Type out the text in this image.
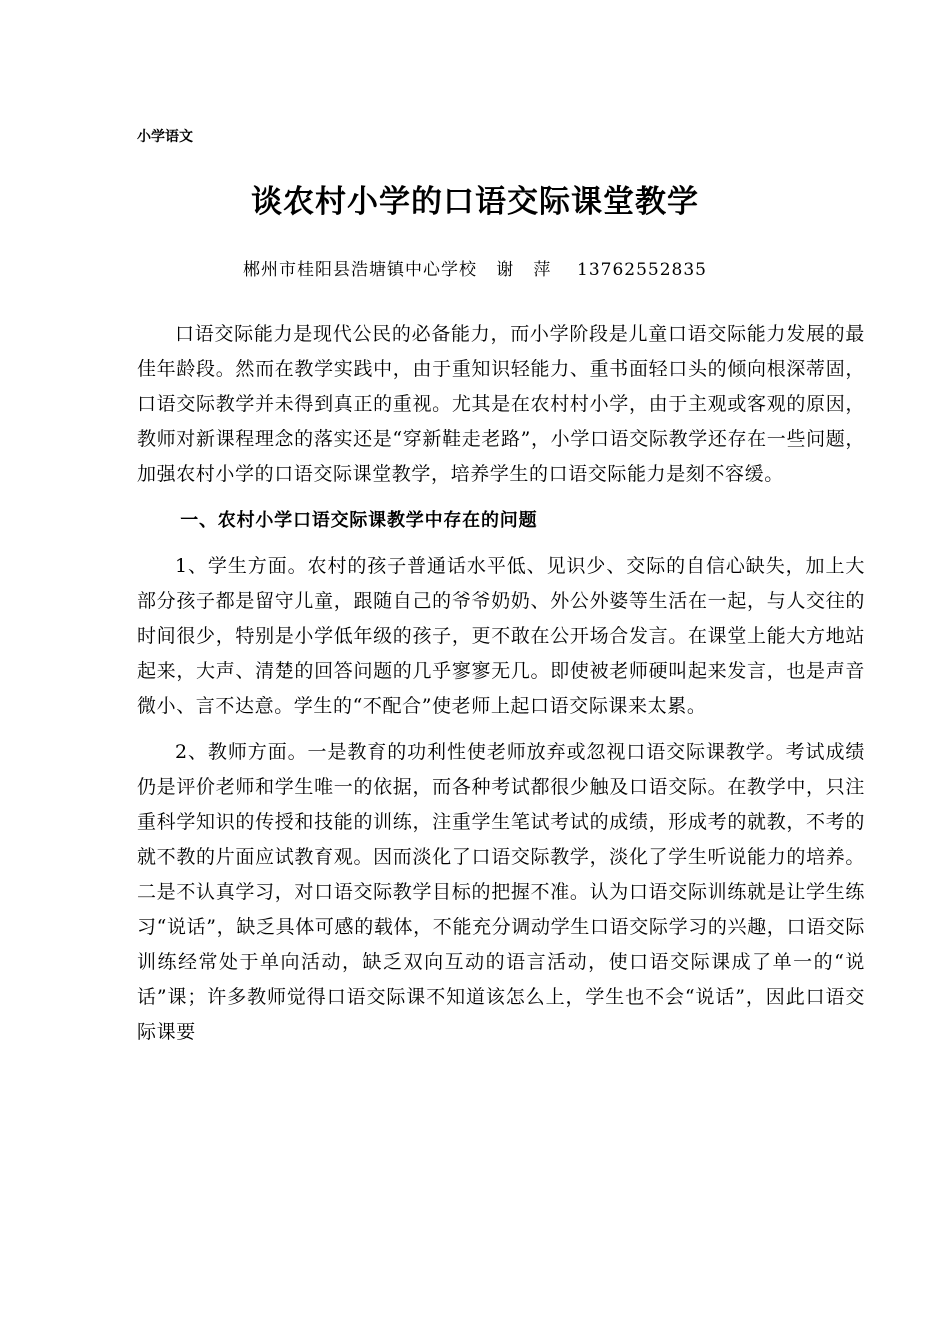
小学语文
谈农村小学的口语交际课堂教学
郴州市桂阳县浩塘镇中心学校   谢   萍    13762552835

口语交际能力是现代公民的必备能力，而小学阶段是儿童口语交际能力发展的最佳年龄段。然而在教学实践中，由于重知识轻能力、重书面轻口头的倾向根深蒂固，口语交际教学并未得到真正的重视。尤其是在农村村小学，由于主观或客观的原因，教师对新课程理念的落实还是“穿新鞋走老路”，小学口语交际教学还存在一些问题，加强农村小学的口语交际课堂教学，培养学生的口语交际能力是刻不容缓。

一、农村小学口语交际课教学中存在的问题

1、学生方面。农村的孩子普通话水平低、见识少、交际的自信心缺失，加上大部分孩子都是留守儿童，跟随自己的爷爷奶奶、外公外婆等生活在一起，与人交往的时间很少，特别是小学低年级的孩子，更不敢在公开场合发言。在课堂上能大方地站起来，大声、清楚的回答问题的几乎寥寥无几。即使被老师硬叫起来发言，也是声音微小、言不达意。学生的“不配合”使老师上起口语交际课来太累。

2、教师方面。一是教育的功利性使老师放弃或忽视口语交际课教学。考试成绩仍是评价老师和学生唯一的依据，而各种考试都很少触及口语交际。在教学中，只注重科学知识的传授和技能的训练，注重学生笔试考试的成绩，形成考的就教，不考的就不教的片面应试教育观。因而淡化了口语交际教学，淡化了学生听说能力的培养。二是不认真学习，对口语交际教学目标的把握不准。认为口语交际训练就是让学生练习“说话”，缺乏具体可感的载体，不能充分调动学生口语交际学习的兴趣，口语交际训练经常处于单向活动，缺乏双向互动的语言活动，使口语交际课成了单一的“说话”课；许多教师觉得口语交际课不知道该怎么上，学生也不会“说话”，因此口语交际课要
